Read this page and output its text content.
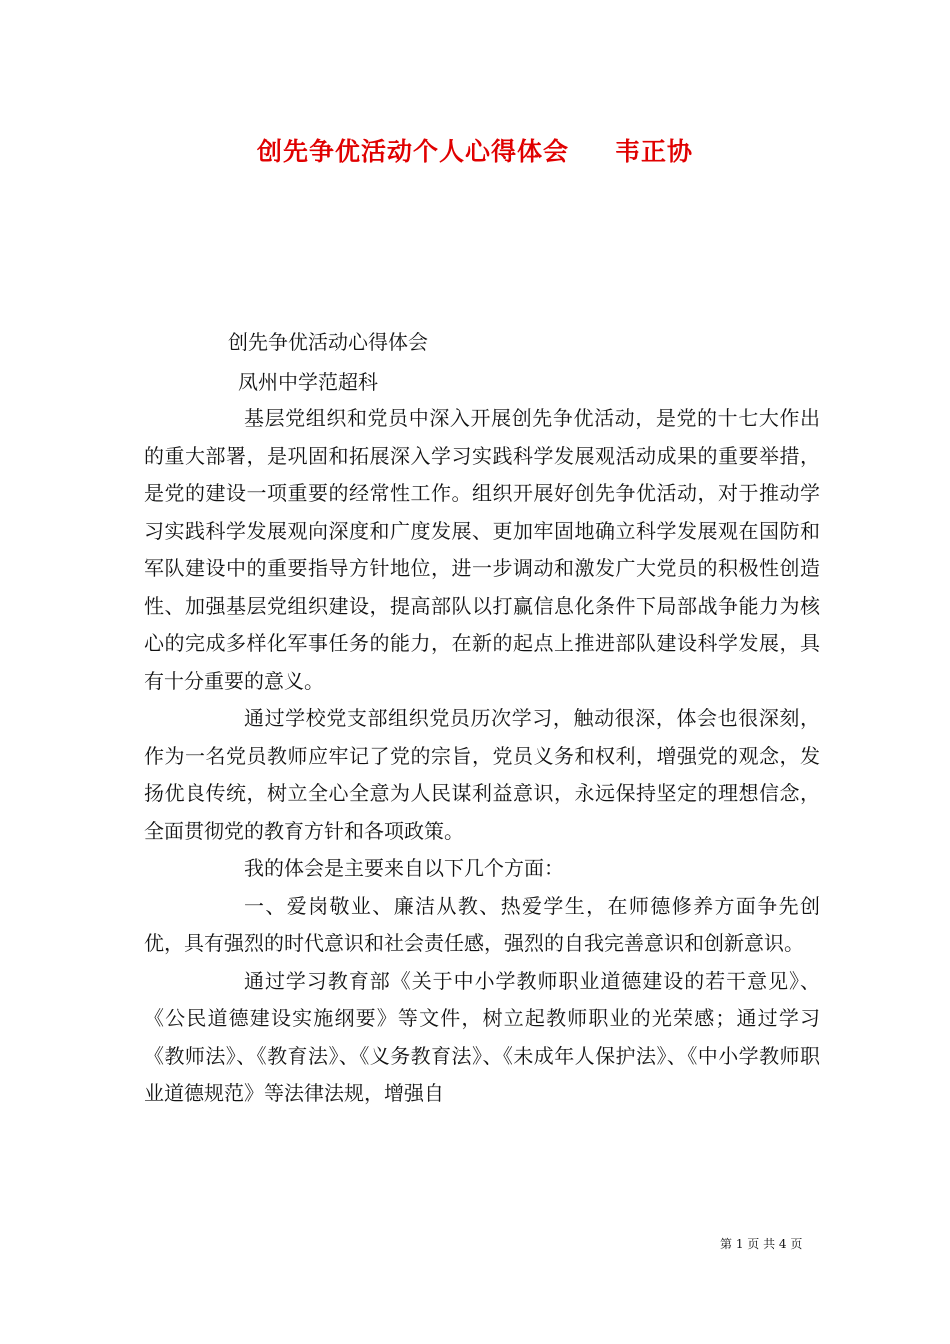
创先争优活动个人心得体会 韦正协
创先争优活动心得体会
凤州中学范超科

基层党组织和党员中深入开展创先争优活动，是党的十七大作出的重大部署，是巩固和拓展深入学习实践科学发展观活动成果的重要举措，是党的建设一项重要的经常性工作。组织开展好创先争优活动，对于推动学习实践科学发展观向深度和广度发展、更加牢固地确立科学发展观在国防和军队建设中的重要指导方针地位，进一步调动和激发广大党员的积极性创造性、加强基层党组织建设，提高部队以打赢信息化条件下局部战争能力为核心的完成多样化军事任务的能力，在新的起点上推进部队建设科学发展，具有十分重要的意义。

通过学校党支部组织党员历次学习，触动很深，体会也很深刻，作为一名党员教师应牢记了党的宗旨，党员义务和权利，增强党的观念，发扬优良传统，树立全心全意为人民谋利益意识，永远保持坚定的理想信念，全面贯彻党的教育方针和各项政策。

我的体会是主要来自以下几个方面：

一、爱岗敬业、廉洁从教、热爱学生，在师德修养方面争先创优，具有强烈的时代意识和社会责任感，强烈的自我完善意识和创新意识。

通过学习教育部《关于中小学教师职业道德建设的若干意见》、《公民道德建设实施纲要》等文件，树立起教师职业的光荣感；通过学习《教师法》、《教育法》、《义务教育法》、《未成年人保护法》、《中小学教师职业道德规范》等法律法规，增强自

第 1 页 共 4 页
